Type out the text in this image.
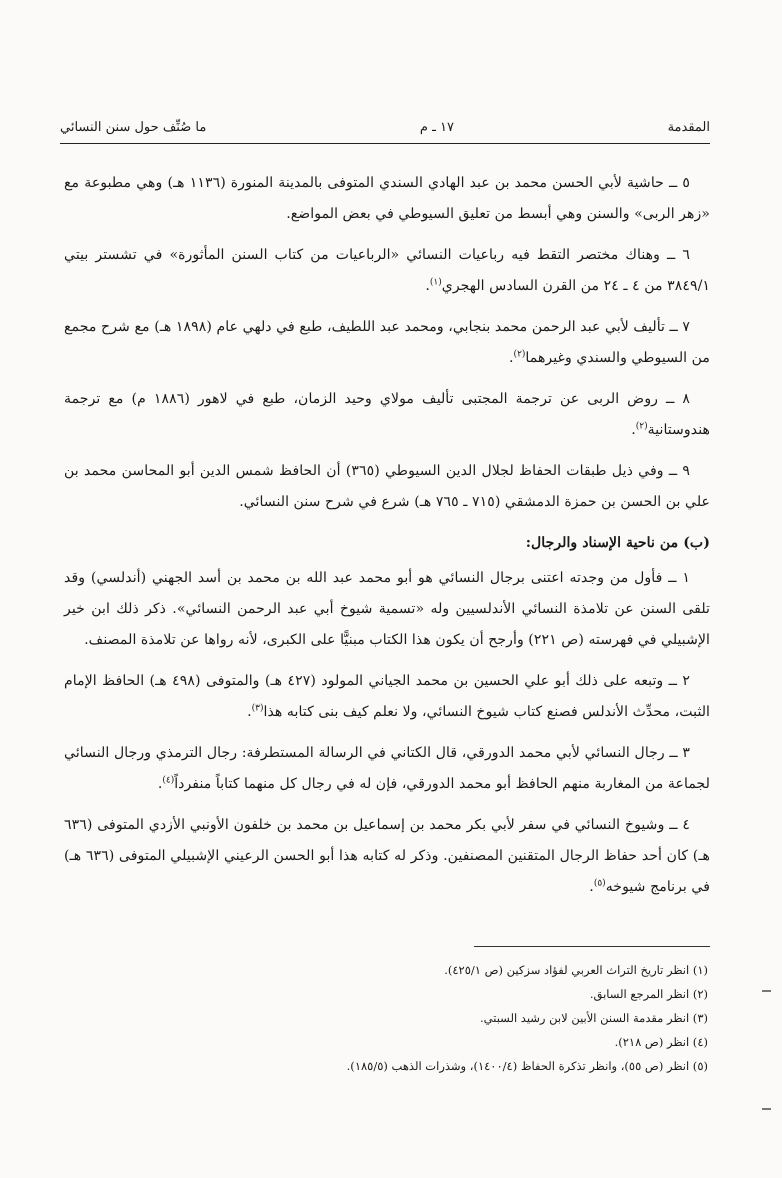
المقدمة
١٧ ـ م
ما صُنِّف حول سنن النسائي

٥ ــ حاشية لأبي الحسن محمد بن عبد الهادي السندي المتوفى بالمدينة المنورة (١١٣٦ هـ) وهي مطبوعة مع «زهر الربى» والسنن وهي أبسط من تعليق السيوطي في بعض المواضع.

٦ ــ وهناك مختصر التقط فيه رباعيات النسائي «الرباعيات من كتاب السنن المأثورة» في تشستر بيتي ٣٨٤٩/١ من ٤ ـ ٢٤ من القرن السادس الهجري$^{(١)}$.

٧ ــ تأليف لأبي عبد الرحمن محمد بنجابي، ومحمد عبد اللطيف، طبع في دلهي عام (١٨٩٨ هـ) مع شرح مجمع من السيوطي والسندي وغيرهما$^{(٢)}$.

٨ ــ روض الربى عن ترجمة المجتبى تأليف مولاي وحيد الزمان، طبع في لاهور (١٨٨٦ م) مع ترجمة هندوستانية$^{(٢)}$.

٩ ــ وفي ذيل طبقات الحفاظ لجلال الدين السيوطي (٣٦٥) أن الحافظ شمس الدين أبو المحاسن محمد بن علي بن الحسن بن حمزة الدمشقي (٧١٥ ـ ٧٦٥ هـ) شرع في شرح سنن النسائي.

(ب) من ناحية الإسناد والرجال:

١ ــ فأول من وجدته اعتنى برجال النسائي هو أبو محمد عبد الله بن محمد بن أسد الجهني (أندلسي) وقد تلقى السنن عن تلامذة النسائي الأندلسيين وله «تسمية شيوخ أبي عبد الرحمن النسائي». ذكر ذلك ابن خير الإشبيلي في فهرسته (ص ٢٢١) وأرجح أن يكون هذا الكتاب مبنيًّا على الكبرى، لأنه رواها عن تلامذة المصنف.

٢ ــ وتبعه على ذلك أبو علي الحسين بن محمد الجياني المولود (٤٢٧ هـ) والمتوفى (٤٩٨ هـ) الحافظ الإمام الثبت، محدِّث الأندلس فصنع كتاب شيوخ النسائي، ولا نعلم كيف بنى كتابه هذا$^{(٣)}$.

٣ ــ رجال النسائي لأبي محمد الدورقي، قال الكتاني في الرسالة المستطرفة: رجال الترمذي ورجال النسائي لجماعة من المغاربة منهم الحافظ أبو محمد الدورقي، فإن له في رجال كل منهما كتاباً منفرداً$^{(٤)}$.

٤ ــ وشيوخ النسائي في سفر لأبي بكر محمد بن إسماعيل بن محمد بن خلفون الأونبي الأزدي المتوفى (٦٣٦ هـ) كان أحد حفاظ الرجال المتقنين المصنفين. وذكر له كتابه هذا أبو الحسن الرعيني الإشبيلي المتوفى (٦٣٦ هـ) في برنامج شيوخه$^{(٥)}$.

(١) انظر تاريخ التراث العربي لفؤاد سزكين (ص ٤٢٥/١).
(٢) انظر المرجع السابق.
(٣) انظر مقدمة السنن الأبين لابن رشيد السبتي.
(٤) انظر (ص ٢١٨).
(٥) انظر (ص ٥٥)، وانظر تذكرة الحفاظ (١٤٠٠/٤)، وشذرات الذهب (١٨٥/٥).
